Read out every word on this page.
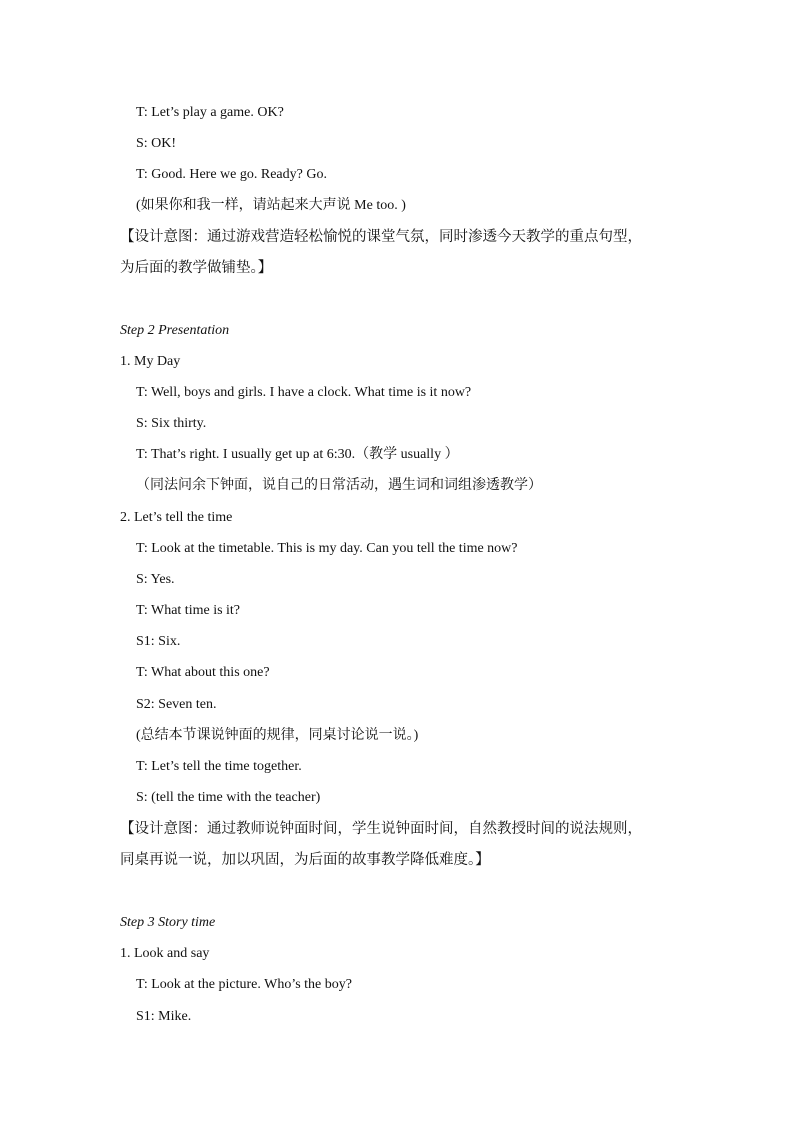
T: Let’s play a game. OK?
S: OK!
T: Good. Here we go. Ready? Go.
(如果你和我一样，请站起来大声说 Me too. )
【设计意图：通过游戏营造轻松愉悦的课堂气氛，同时渗透今天教学的重点句型，
为后面的教学做铺垫。】
Step 2 Presentation
1. My Day
T: Well, boys and girls. I have a clock. What time is it now?
S: Six thirty.
T: That’s right. I usually get up at 6:30.（教学 usually ）
（同法问余下钟面，说自己的日常活动，遇生词和词组渗透教学）
2. Let’s tell the time
T: Look at the timetable. This is my day. Can you tell the time now?
S: Yes.
T: What time is it?
S1: Six.
T: What about this one?
S2: Seven ten.
(总结本节课说钟面的规律，同桌讨论说一说。)
T: Let’s tell the time together.
S: (tell the time with the teacher)
【设计意图：通过教师说钟面时间，学生说钟面时间，自然教授时间的说法规则，
同桌再说一说，加以巩固，为后面的故事教学降低难度。】
Step 3 Story time
1. Look and say
T: Look at the picture. Who’s the boy?
S1: Mike.
